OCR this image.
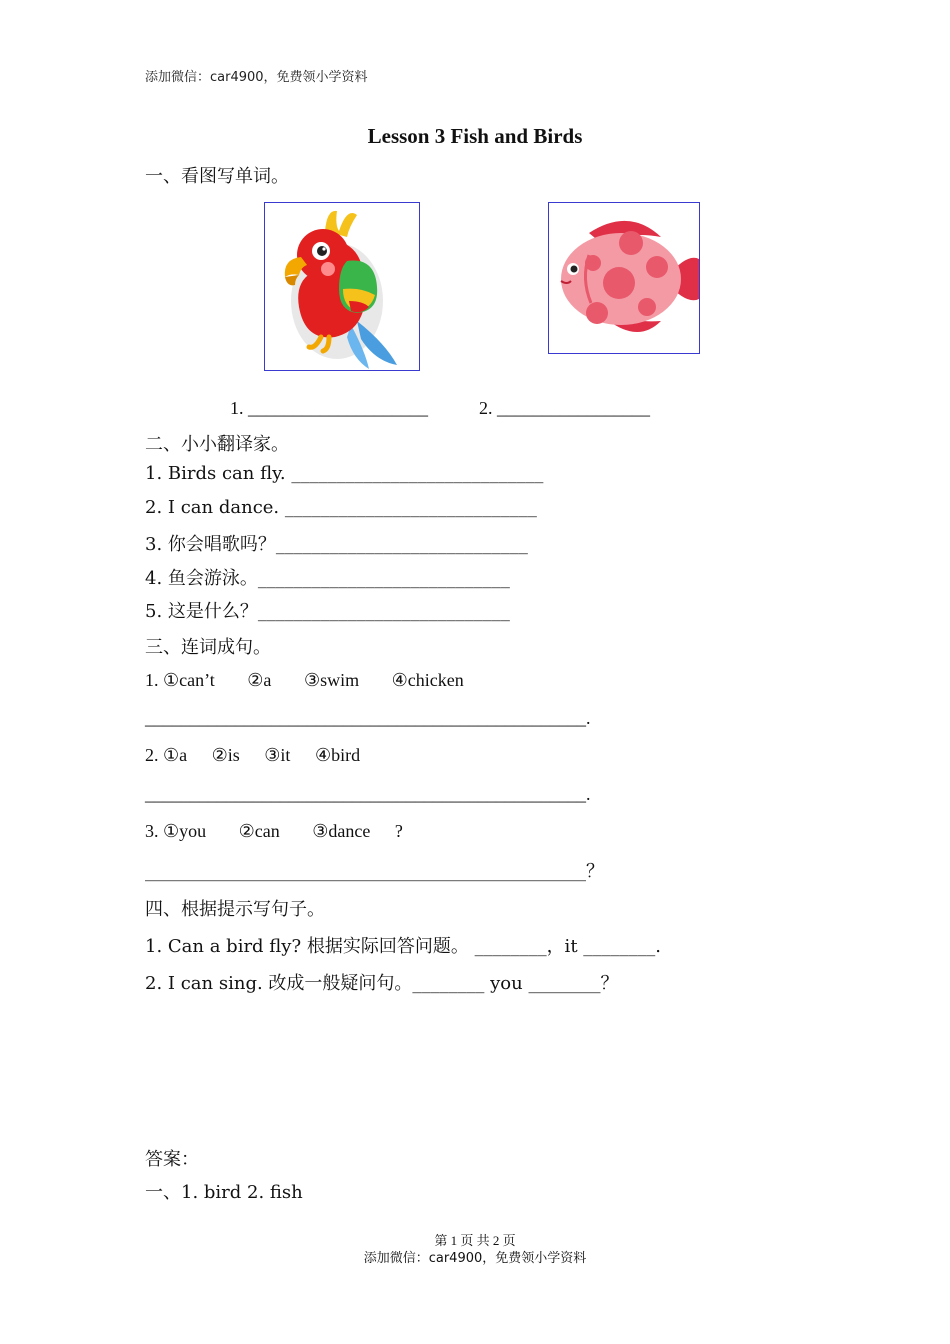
添加微信：car4900，免费领小学资料
Lesson 3 Fish and Birds
一、看图写单词。
1. ____________________	2. _________________
二、小小翻译家。
1. Birds can fly. ____________________________
2. I can dance. ____________________________
3. 你会唱歌吗？____________________________
4. 鱼会游泳。____________________________
5. 这是什么？____________________________
三、连词成句。
1. ①can’t ②a ③swim ④chicken
_________________________________________________.
2. ①a ②is ③it ④bird
_________________________________________________.
3. ①you ②can ③dance ?
_________________________________________________？
四、根据提示写句子。
1. Can a bird fly? 根据实际回答问题。 ________，it ________.
2. I can sing. 改成一般疑问句。________ you ________？
答案：
一、1. bird 2. fish
第 1 页 共 2 页
添加微信：car4900，免费领小学资料
